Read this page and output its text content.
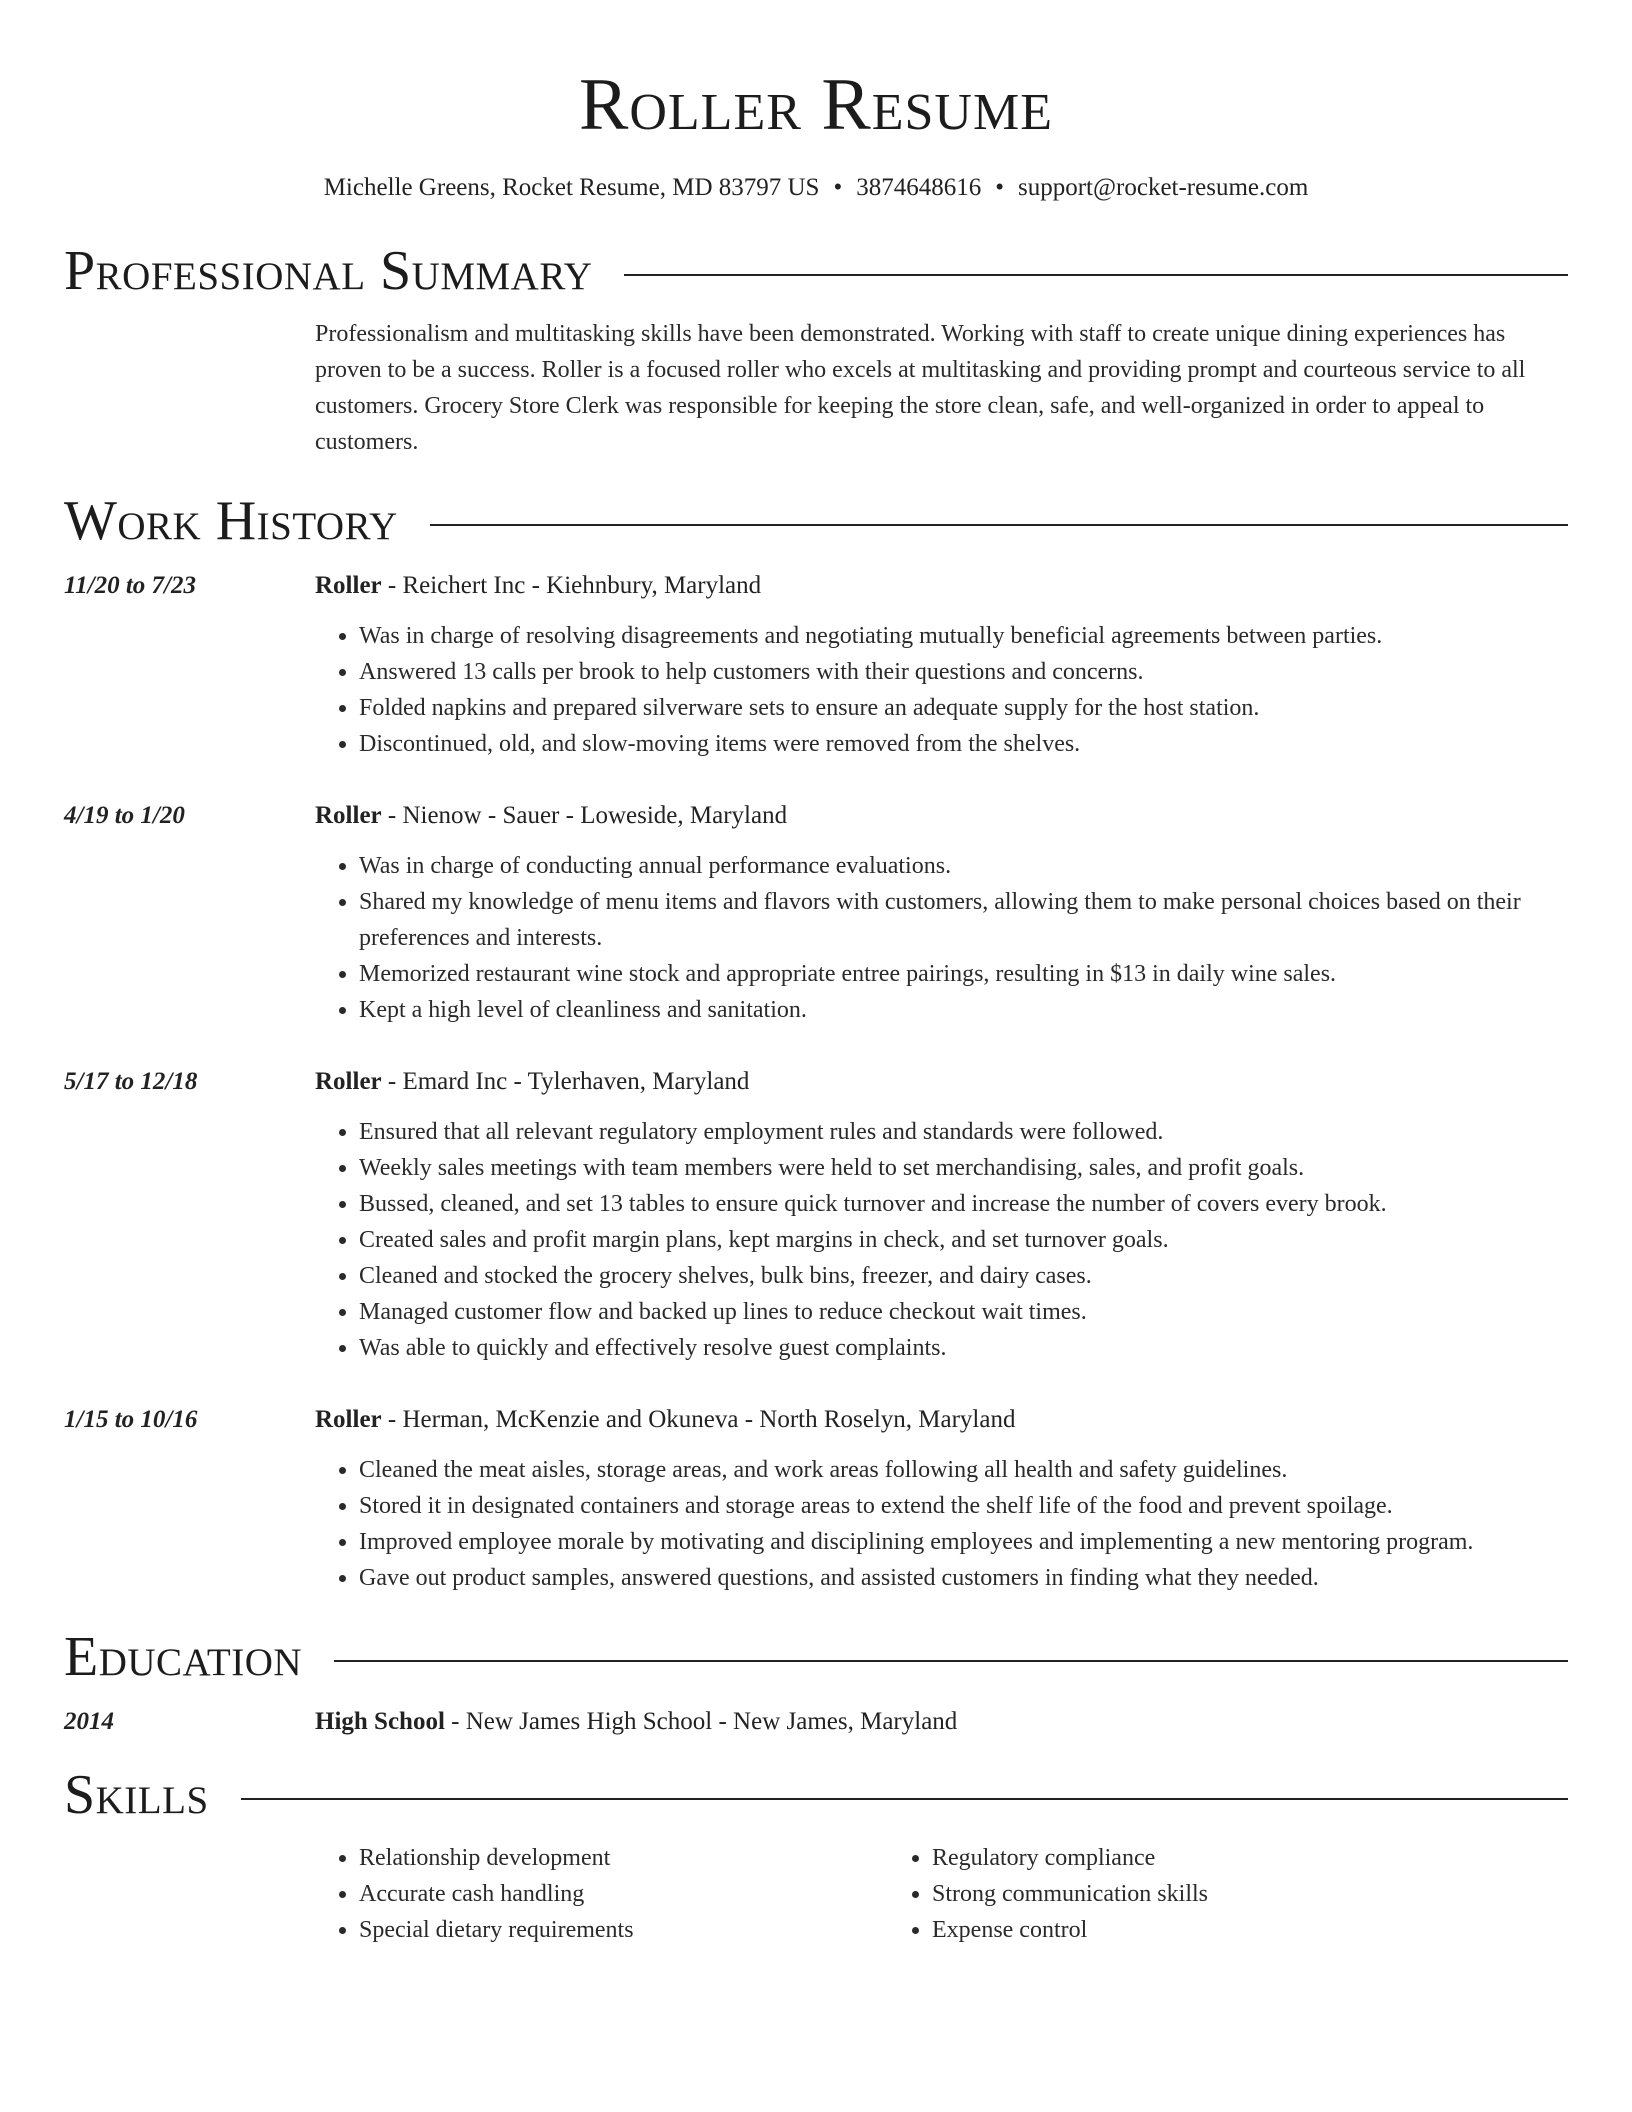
Roller Resume
Michelle Greens, Rocket Resume, MD 83797 US • 3874648616 • support@rocket-resume.com
Professional Summary
Professionalism and multitasking skills have been demonstrated. Working with staff to create unique dining experiences has proven to be a success. Roller is a focused roller who excels at multitasking and providing prompt and courteous service to all customers. Grocery Store Clerk was responsible for keeping the store clean, safe, and well-organized in order to appeal to customers.
Work History
11/20 to 7/23	Roller - Reichert Inc - Kiehnbury, Maryland
• Was in charge of resolving disagreements and negotiating mutually beneficial agreements between parties.
• Answered 13 calls per brook to help customers with their questions and concerns.
• Folded napkins and prepared silverware sets to ensure an adequate supply for the host station.
• Discontinued, old, and slow-moving items were removed from the shelves.
4/19 to 1/20	Roller - Nienow - Sauer - Loweside, Maryland
• Was in charge of conducting annual performance evaluations.
• Shared my knowledge of menu items and flavors with customers, allowing them to make personal choices based on their preferences and interests.
• Memorized restaurant wine stock and appropriate entree pairings, resulting in $13 in daily wine sales.
• Kept a high level of cleanliness and sanitation.
5/17 to 12/18	Roller - Emard Inc - Tylerhaven, Maryland
• Ensured that all relevant regulatory employment rules and standards were followed.
• Weekly sales meetings with team members were held to set merchandising, sales, and profit goals.
• Bussed, cleaned, and set 13 tables to ensure quick turnover and increase the number of covers every brook.
• Created sales and profit margin plans, kept margins in check, and set turnover goals.
• Cleaned and stocked the grocery shelves, bulk bins, freezer, and dairy cases.
• Managed customer flow and backed up lines to reduce checkout wait times.
• Was able to quickly and effectively resolve guest complaints.
1/15 to 10/16	Roller - Herman, McKenzie and Okuneva - North Roselyn, Maryland
• Cleaned the meat aisles, storage areas, and work areas following all health and safety guidelines.
• Stored it in designated containers and storage areas to extend the shelf life of the food and prevent spoilage.
• Improved employee morale by motivating and disciplining employees and implementing a new mentoring program.
• Gave out product samples, answered questions, and assisted customers in finding what they needed.
Education
2014	High School - New James High School - New James, Maryland
Skills
• Relationship development
• Accurate cash handling
• Special dietary requirements
• Regulatory compliance
• Strong communication skills
• Expense control
